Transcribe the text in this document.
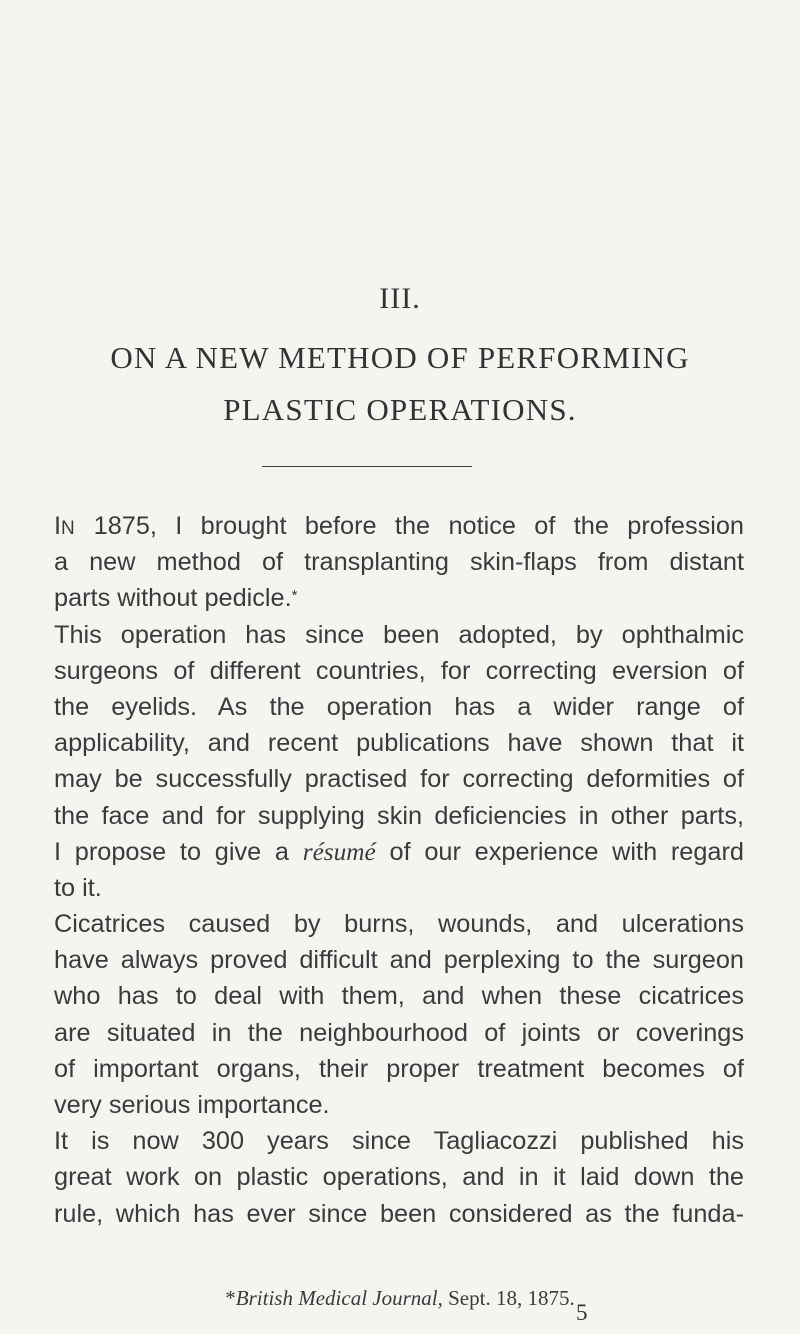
III.
ON A NEW METHOD OF PERFORMING
PLASTIC OPERATIONS.
IN 1875, I brought before the notice of the profession
a new method of transplanting skin-flaps from distant
parts without pedicle.*
This operation has since been adopted, by ophthalmic
surgeons of different countries, for correcting eversion of
the eyelids. As the operation has a wider range of
applicability, and recent publications have shown that it
may be successfully practised for correcting deformities of
the face and for supplying skin deficiencies in other parts,
I propose to give a résumé of our experience with regard
to it.
Cicatrices caused by burns, wounds, and ulcerations
have always proved difficult and perplexing to the surgeon
who has to deal with them, and when these cicatrices
are situated in the neighbourhood of joints or coverings
of important organs, their proper treatment becomes of
very serious importance.
It is now 300 years since Tagliacozzi published his
great work on plastic operations, and in it laid down the
rule, which has ever since been considered as the funda-
*British Medical Journal, Sept. 18, 1875.
5
